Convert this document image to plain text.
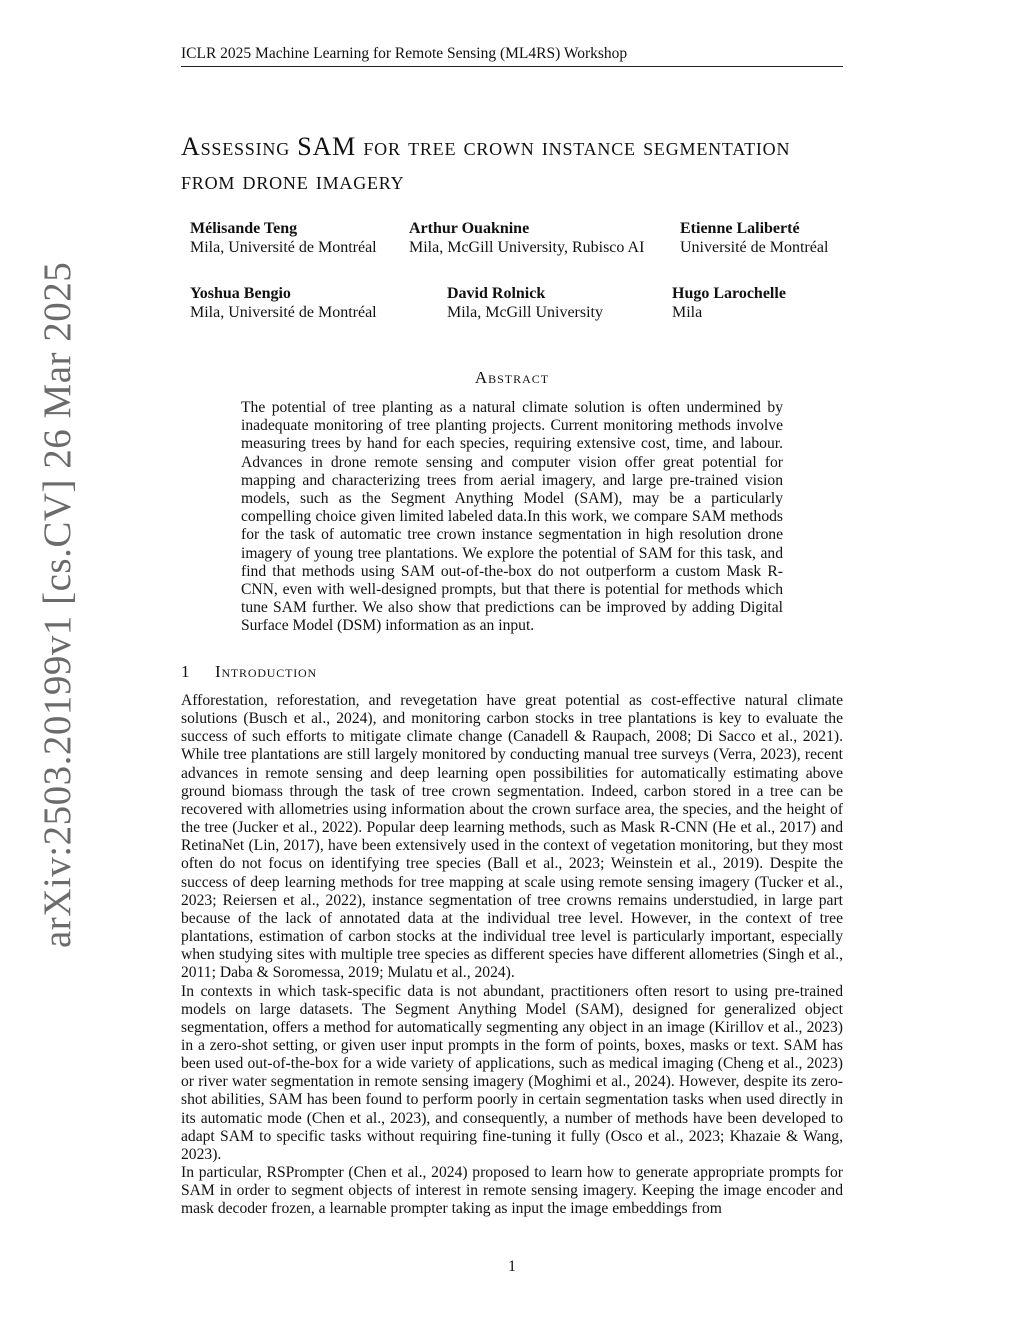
ICLR 2025 Machine Learning for Remote Sensing (ML4RS) Workshop
arXiv:2503.20199v1 [cs.CV] 26 Mar 2025
Assessing SAM for tree crown instance segmentation from drone imagery
Mélisande Teng
Mila, Université de Montréal
Arthur Ouaknine
Mila, McGill University, Rubisco AI
Etienne Laliberté
Université de Montréal
Yoshua Bengio
Mila, Université de Montréal
David Rolnick
Mila, McGill University
Hugo Larochelle
Mila
Abstract

The potential of tree planting as a natural climate solution is often undermined by inadequate monitoring of tree planting projects. Current monitoring methods involve measuring trees by hand for each species, requiring extensive cost, time, and labour. Advances in drone remote sensing and computer vision offer great potential for mapping and characterizing trees from aerial imagery, and large pre-trained vision models, such as the Segment Anything Model (SAM), may be a particularly compelling choice given limited labeled data.In this work, we compare SAM methods for the task of automatic tree crown instance segmentation in high resolution drone imagery of young tree plantations. We explore the potential of SAM for this task, and find that methods using SAM out-of-the-box do not outperform a custom Mask R-CNN, even with well-designed prompts, but that there is potential for methods which tune SAM further. We also show that predictions can be improved by adding Digital Surface Model (DSM) information as an input.

1 Introduction

Afforestation, reforestation, and revegetation have great potential as cost-effective natural climate solutions (Busch et al., 2024), and monitoring carbon stocks in tree plantations is key to evaluate the success of such efforts to mitigate climate change (Canadell & Raupach, 2008; Di Sacco et al., 2021). While tree plantations are still largely monitored by conducting manual tree surveys (Verra, 2023), recent advances in remote sensing and deep learning open possibilities for automatically estimating above ground biomass through the task of tree crown segmentation. Indeed, carbon stored in a tree can be recovered with allometries using information about the crown surface area, the species, and the height of the tree (Jucker et al., 2022). Popular deep learning methods, such as Mask R-CNN (He et al., 2017) and RetinaNet (Lin, 2017), have been extensively used in the context of vegetation monitoring, but they most often do not focus on identifying tree species (Ball et al., 2023; Weinstein et al., 2019). Despite the success of deep learning methods for tree mapping at scale using remote sensing imagery (Tucker et al., 2023; Reiersen et al., 2022), instance segmentation of tree crowns remains understudied, in large part because of the lack of annotated data at the individual tree level. However, in the context of tree plantations, estimation of carbon stocks at the individual tree level is particularly important, especially when studying sites with multiple tree species as different species have different allometries (Singh et al., 2011; Daba & Soromessa, 2019; Mulatu et al., 2024).

In contexts in which task-specific data is not abundant, practitioners often resort to using pre-trained models on large datasets. The Segment Anything Model (SAM), designed for generalized object segmentation, offers a method for automatically segmenting any object in an image (Kirillov et al., 2023) in a zero-shot setting, or given user input prompts in the form of points, boxes, masks or text. SAM has been used out-of-the-box for a wide variety of applications, such as medical imaging (Cheng et al., 2023) or river water segmentation in remote sensing imagery (Moghimi et al., 2024). However, despite its zero-shot abilities, SAM has been found to perform poorly in certain segmentation tasks when used directly in its automatic mode (Chen et al., 2023), and consequently, a number of methods have been developed to adapt SAM to specific tasks without requiring fine-tuning it fully (Osco et al., 2023; Khazaie & Wang, 2023).

In particular, RSPrompter (Chen et al., 2024) proposed to learn how to generate appropriate prompts for SAM in order to segment objects of interest in remote sensing imagery. Keeping the image encoder and mask decoder frozen, a learnable prompter taking as input the image embeddings from

1
